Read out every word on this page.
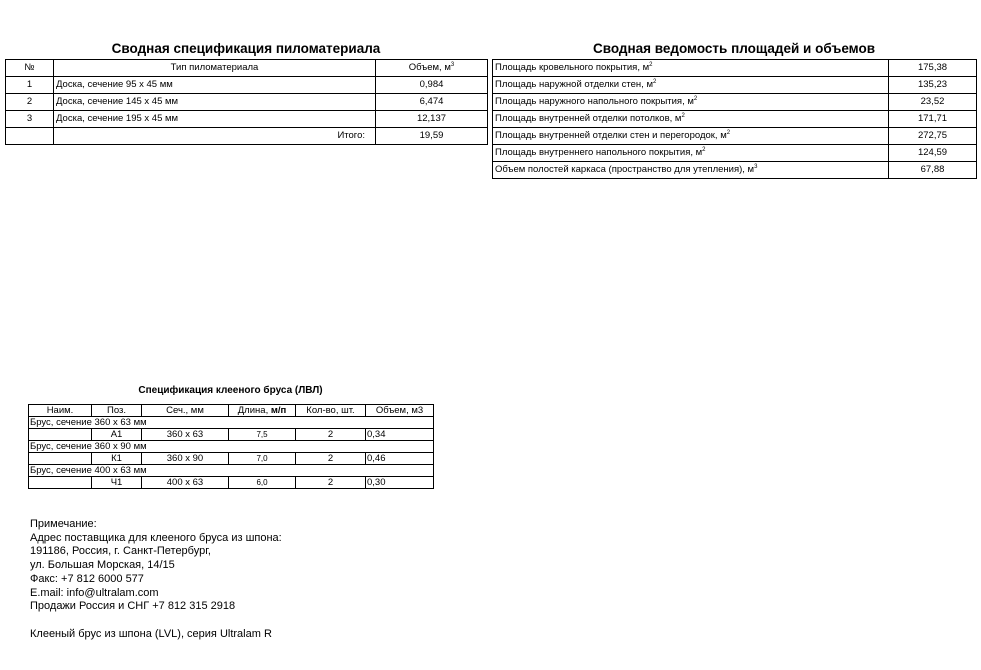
Сводная спецификация пиломатериала
№	Тип пиломатериала	Объем, $м^3$
1	Доска, сечение 95 х 45 мм	0,984
2	Доска, сечение 145 х 45 мм	6,474
3	Доска, сечение 195 х 45 мм	12,137
	Итого:	19,59
Сводная ведомость площадей и объемов
Площадь кровельного покрытия, $м^2$	175,38
Площадь наружной отделки стен, $м^2$	135,23
Площадь наружного напольного покрытия, $м^2$	23,52
Площадь внутренней отделки потолков, $м^2$	171,71
Площадь внутренней отделки стен и перегородок, $м^2$	272,75
Площадь внутреннего напольного покрытия, $м^2$	124,59
Объем полостей каркаса (пространство для утепления), $м^3$	67,88
Спецификация клееного бруса (ЛВЛ)
Наим.	Поз.	Сеч., мм	Длина, м/п	Кол-во, шт.	Объем, м3
Брус, сечение 360 х 63 мм					
	А1	360 х 63	7,5	2	0,34
Брус, сечение 360 х 90 мм					
	К1	360 х 90	7,0	2	0,46
Брус, сечение 400 х 63 мм					
	Ч1	400 х 63	6,0	2	0,30

Примечание:

Адрес поставщика для клееного бруса из шпона:

191186, Россия, г. Санкт-Петербург,

ул. Большая Морская, 14/15

Факс: +7 812 6000 577

E.mail: info@ultralam.com

Продажи Россия и СНГ +7 812 315 2918

Клееный брус из шпона (LVL), серия Ultralam R
